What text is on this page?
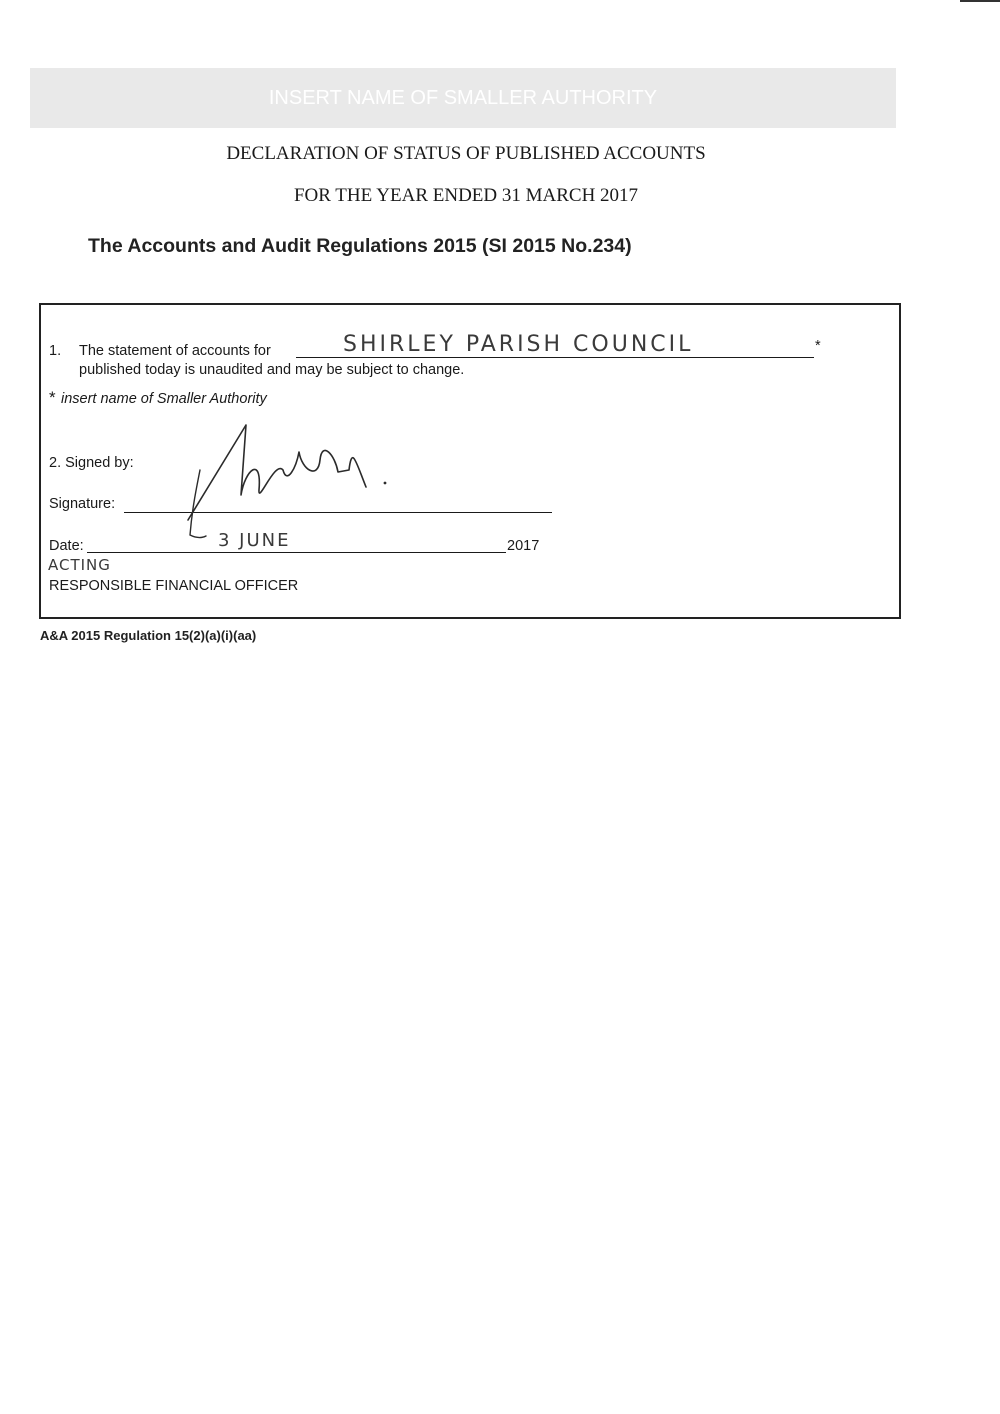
INSERT NAME OF SMALLER AUTHORITY
DECLARATION OF STATUS OF PUBLISHED ACCOUNTS
FOR THE YEAR ENDED 31 MARCH 2017
The Accounts and Audit Regulations 2015 (SI 2015 No.234)
1. The statement of accounts for	SHIRLEY PARISH COUNCIL	*
published today is unaudited and may be subject to change.
* insert name of Smaller Authority
2. Signed by:
Signature:
Date:	3 JUNE	2017
ACTING
RESPONSIBLE FINANCIAL OFFICER
A&A 2015 Regulation 15(2)(a)(i)(aa)
